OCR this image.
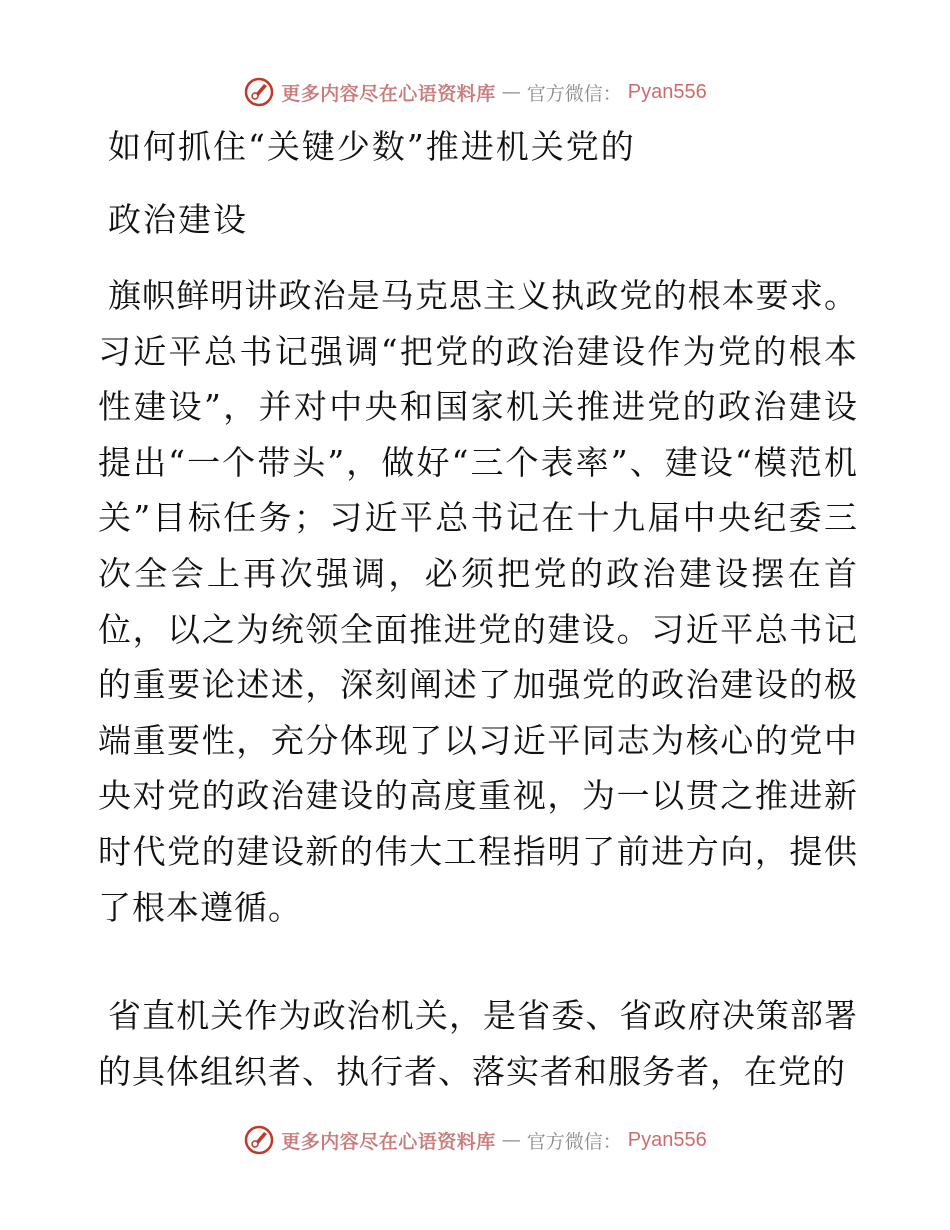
更多内容尽在心语资料库 — 官方微信： Pyan556
如何抓住“关键少数”推进机关党的
政治建设

旗帜鲜明讲政治是马克思主义执政党的根本要求。习近平总书记强调“把党的政治建设作为党的根本性建设”，并对中央和国家机关推进党的政治建设提出“一个带头”，做好“三个表率”、建设“模范机关”目标任务；习近平总书记在十九届中央纪委三次全会上再次强调，必须把党的政治建设摆在首位，以之为统领全面推进党的建设。习近平总书记的重要论述述，深刻阐述了加强党的政治建设的极端重要性，充分体现了以习近平同志为核心的党中央对党的政治建设的高度重视，为一以贯之推进新时代党的建设新的伟大工程指明了前进方向，提供了根本遵循。

省直机关作为政治机关，是省委、省政府决策部署的具体组织者、执行者、落实者和服务者，在党的

更多内容尽在心语资料库 — 官方微信： Pyan556
